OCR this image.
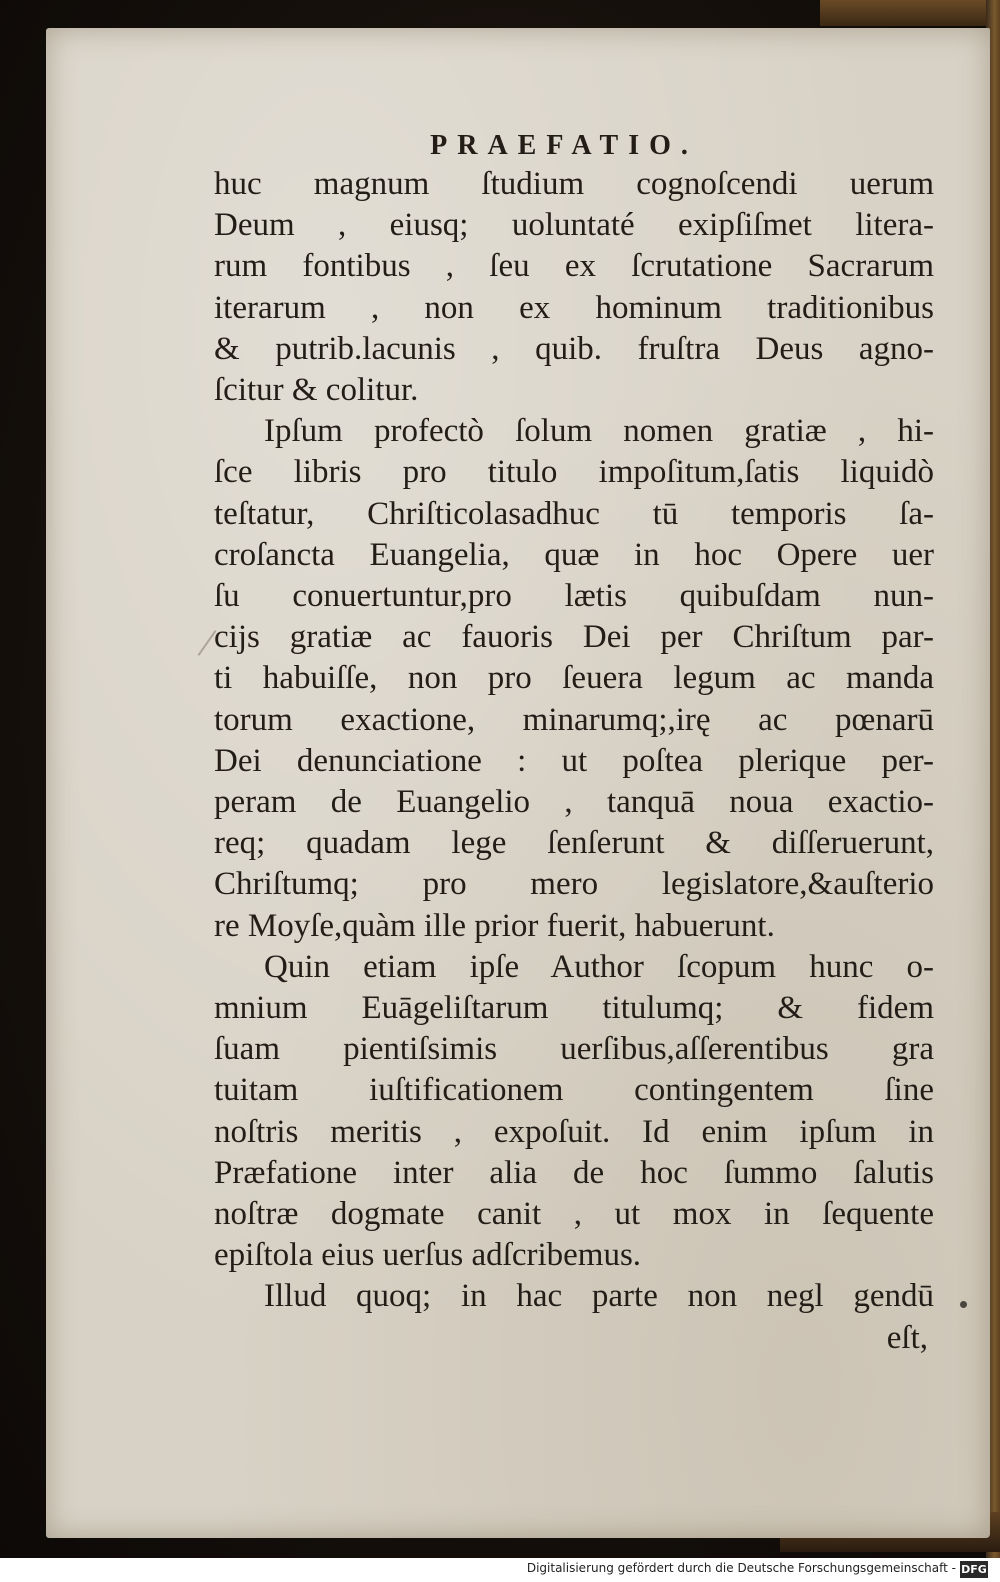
PRAEFATIO.
huc magnum ſtudium cognoſcendi uerum
Deum , eiusq; uoluntaté exipſiſmet litera-
rum fontibus , ſeu ex ſcrutatione Sacrarum
iterarum , non ex hominum traditionibus
& putrib.lacunis , quib. fruſtra Deus agno-
ſcitur & colitur.
Ipſum profectò ſolum nomen gratiæ , hi-
ſce libris pro titulo impoſitum,ſatis liquidò
teſtatur, Chriſticolasadhuc tū temporis ſa-
croſancta Euangelia, quæ in hoc Opere uer
ſu conuertuntur,pro lætis quibuſdam nun-
cijs gratiæ ac fauoris Dei per Chriſtum par-
ti habuiſſe, non pro ſeuera legum ac manda
torum exactione, minarumq;,irę ac pœnarū
Dei denunciatione : ut poſtea plerique per-
peram de Euangelio , tanquā noua exactio-
req; quadam lege ſenſerunt & diſſeruerunt,
Chriſtumq; pro mero legislatore,&auſterio
re Moyſe,quàm ille prior fuerit, habuerunt.
Quin etiam ipſe Author ſcopum hunc o-
mnium Euāgeliſtarum titulumq; & fidem
ſuam pientiſsimis uerſibus,aſſerentibus gra
tuitam iuſtificationem contingentem ſine
noſtris meritis , expoſuit. Id enim ipſum in
Præfatione inter alia de hoc ſummo ſalutis
noſtræ dogmate canit , ut mox in ſequente
epiſtola eius uerſus adſcribemus.
Illud quoq; in hac parte non negl gendū
eſt,
Digitalisierung gefördert durch die Deutsche Forschungsgemeinschaft - DFG
